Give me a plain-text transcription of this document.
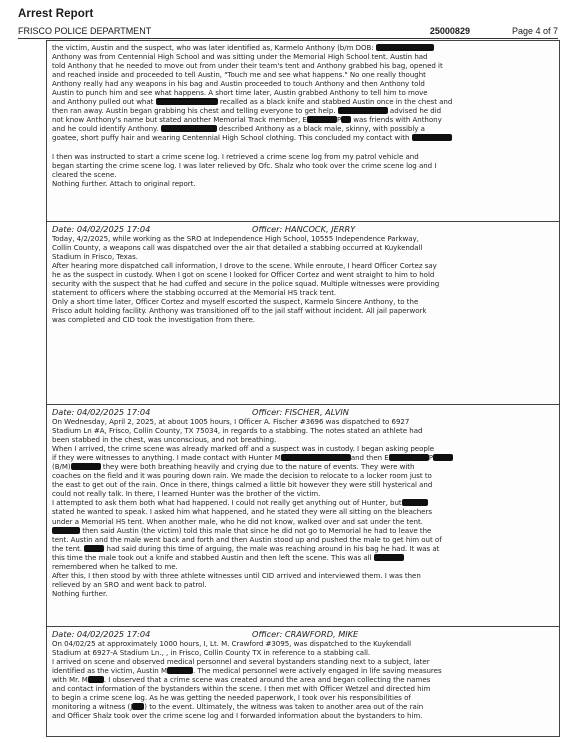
Arrest Report
FRISCO POLICE DEPARTMENT	25000829	Page 4 of 7
the victim, Austin and the suspect, who was later identified as, Karmelo Anthony (b/m DOB:
Anthony was from Centennial High School and was sitting under the Memorial High School tent. Austin had
told Anthony that he needed to move out from under their team's tent and Anthony grabbed his bag, opened it
and reached inside and proceeded to tell Austin, "Touch me and see what happens." No one really thought
Anthony really had any weapons in his bag and Austin proceeded to touch Anthony and then Anthony told
Austin to punch him and see what happens. A short time later, Austin grabbed Anthony to tell him to move
and Anthony pulled out what	recalled as a black knife and stabbed Austin once in the chest and
then ran away. Austin began grabbing his chest and telling everyone to get help.	advised he did
not know Anthony's name but stated another Memorial Track member, E	P was friends with Anthony
and he could identify Anthony.	described Anthony as a black male, skinny, with possibly a
goatee, short puffy hair and wearing Centennial High School clothing. This concluded my contact with
I then was instructed to start a crime scene log. I retrieved a crime scene log from my patrol vehicle and
began starting the crime scene log. I was later relieved by Ofc. Shalz who took over the crime scene log and I
cleared the scene.
Nothing further. Attach to original report.
Date: 04/02/2025 17:04	Officer: HANCOCK, JERRY
Today, 4/2/2025, while working as the SRO at Independence High School, 10555 Independence Parkway,
Collin County, a weapons call was dispatched over the air that detailed a stabbing occurred at Kuykendall
Stadium in Frisco, Texas.
After hearing more dispatched call information, I drove to the scene. While enroute, I heard Officer Cortez say
he as the suspect in custody. When I got on scene I looked for Officer Cortez and went straight to him to hold
security with the suspect that he had cuffed and secure in the police squad. Multiple witnesses were providing
statement to officers where the stabbing occurred at the Memorial HS track tent.
Only a short time later, Officer Cortez and myself escorted the suspect, Karmelo Sincere Anthony, to the
Frisco adult holding facility. Anthony was transitioned off to the jail staff without incident. All jail paperwork
was completed and CID took the investigation from there.
Date: 04/02/2025 17:04	Officer: FISCHER, ALVIN
On Wednesday, April 2, 2025, at about 1005 hours, I Officer A. Fischer #3696 was dispatched to 6927
Stadium Ln #A, Frisco, Collin County, TX 75034, in regards to a stabbing. The notes stated an athlete had
been stabbed in the chest, was unconscious, and not breathing.
When I arrived, the crime scene was already marked off and a suspect was in custody. I began asking people
if they were witnesses to anything. I made contact with Hunter M	and then E	P
(B/M)	they were both breathing heavily and crying due to the nature of events. They were with
coaches on the field and it was pouring down rain. We made the decision to relocate to a locker room just to
the east to get out of the rain. Once in there, things calmed a little bit however they were still hysterical and
could not really talk. In there, I learned Hunter was the brother of the victim.
I attempted to ask them both what had happened. I could not really get anything out of Hunter, but
stated he wanted to speak. I asked him what happened, and he stated they were all sitting on the bleachers
under a Memorial HS tent. When another male, who he did not know, walked over and sat under the tent.
then said Austin (the victim) told this male that since he did not go to Memorial he had to leave the
tent. Austin and the male went back and forth and then Austin stood up and pushed the male to get him out of
the tent.	had said during this time of arguing, the male was reaching around in his bag he had. It was at
this time the male took out a knife and stabbed Austin and then left the scene. This was all
remembered when he talked to me.
After this, I then stood by with three athlete witnesses until CID arrived and interviewed them. I was then
relieved by an SRO and went back to patrol.
Nothing further.
Date: 04/02/2025 17:04	Officer: CRAWFORD, MIKE
On 04/02/25 at approximately 1000 hours, I, Lt. M. Crawford #3095, was dispatched to the Kuykendall
Stadium at 6927-A Stadium Ln., , in Frisco, Collin County TX in reference to a stabbing call.
I arrived on scene and observed medical personnel and several bystanders standing next to a subject, later
identified as the victim, Austin M	. The medical personnel were actively engaged in life saving measures
with Mr. M . I observed that a crime scene was created around the area and began collecting the names
and contact information of the bystanders within the scene. I then met with Officer Wetzel and directed him
to begin a crime scene log. As he was getting the needed paperwork, I took over his responsibilities of
monitoring a witness (J ) to the event. Ultimately, the witness was taken to another area out of the rain
and Officer Shalz took over the crime scene log and I forwarded information about the bystanders to him.
